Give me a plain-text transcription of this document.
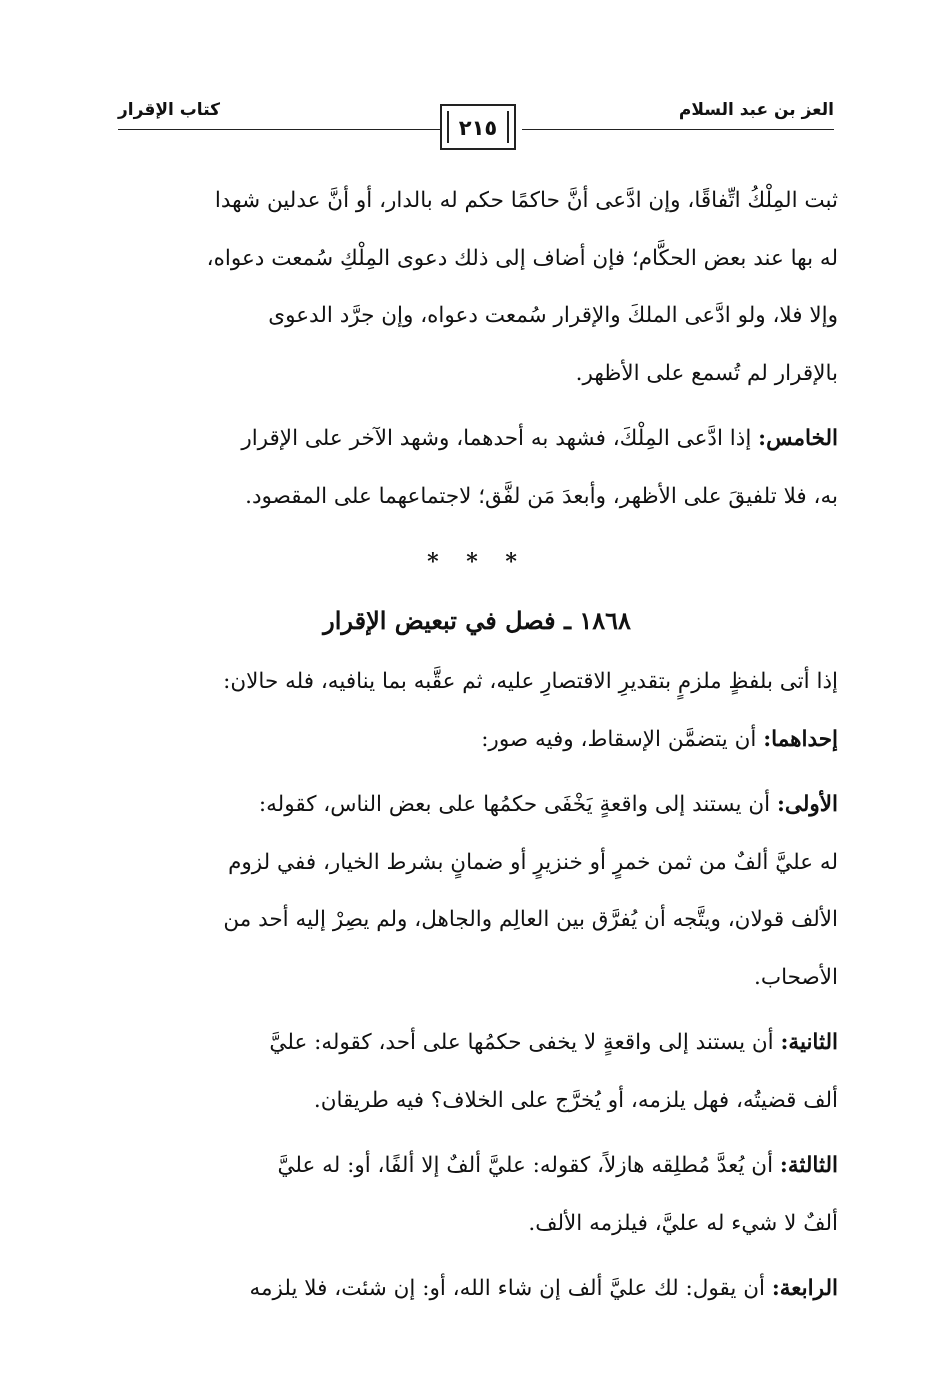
العز بن عبد السلام
٢١٥
كتاب الإقرار
ثبت المِلْكُ اتِّفاقًا، وإن ادَّعى أنَّ حاكمًا حكم له بالدار، أو أنَّ عدلين شهدا
له بها عند بعض الحكَّام؛ فإن أضاف إلى ذلك دعوى المِلْكِ سُمعت دعواه،
وإلا فلا، ولو ادَّعى الملكَ والإقرار سُمعت دعواه، وإن جرَّد الدعوى
بالإقرار لم تُسمع على الأظهر.
الخامس: إذا ادَّعى المِلْكَ، فشهد به أحدهما، وشهد الآخر على الإقرار
به، فلا تلفيقَ على الأظهر، وأبعدَ مَن لفَّق؛ لاجتماعهما على المقصود.
* * *
١٨٦٨ ـ فصل في تبعيض الإقرار
إذا أتى بلفظٍ ملزمٍ بتقديرِ الاقتصارِ عليه، ثم عقَّبه بما ينافيه، فله حالان:
إحداهما: أن يتضمَّن الإسقاط، وفيه صور:
الأولى: أن يستند إلى واقعةٍ يَخْفَى حكمُها على بعض الناس، كقوله:
له عليَّ ألفٌ من ثمن خمرٍ أو خنزيرٍ أو ضمانٍ بشرط الخيار، ففي لزوم
الألف قولان، ويتَّجه أن يُفرَّق بين العالِم والجاهل، ولم يصِرْ إليه أحد من
الأصحاب.
الثانية: أن يستند إلى واقعةٍ لا يخفى حكمُها على أحد، كقوله: عليَّ
ألف قضيتُه، فهل يلزمه، أو يُخرَّج على الخلاف؟ فيه طريقان.
الثالثة: أن يُعدَّ مُطلِقه هازلاً، كقوله: عليَّ ألفٌ إلا ألفًا، أو: له عليَّ
ألفٌ لا شيء له عليَّ، فيلزمه الألف.
الرابعة: أن يقول: لك عليَّ ألف إن شاء الله، أو: إن شئت، فلا يلزمه
